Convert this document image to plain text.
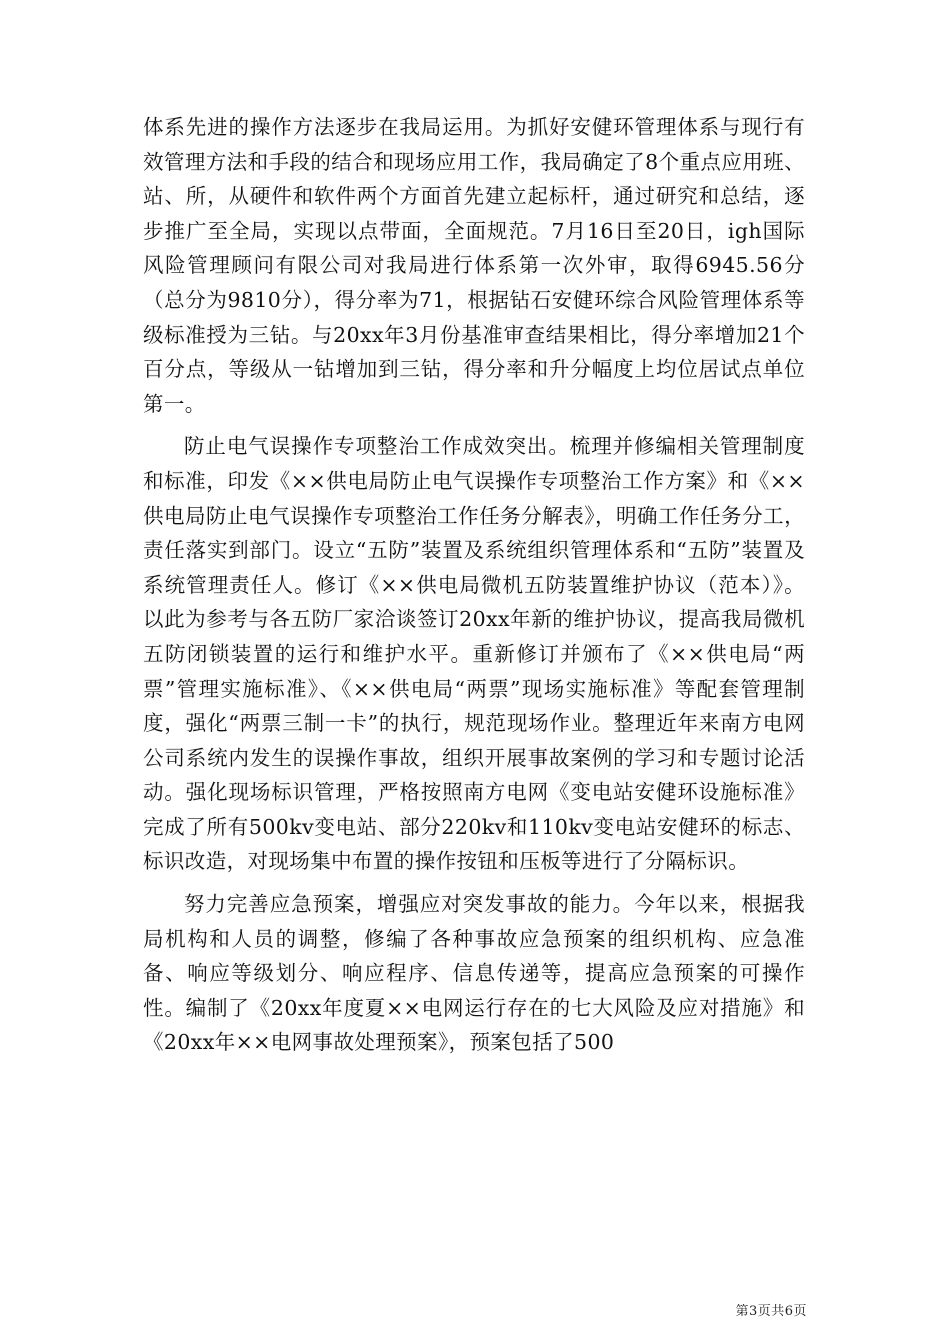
体系先进的操作方法逐步在我局运用。为抓好安健环管理体系与现行有效管理方法和手段的结合和现场应用工作，我局确定了8个重点应用班、站、所，从硬件和软件两个方面首先建立起标杆，通过研究和总结，逐步推广至全局，实现以点带面，全面规范。7月16日至20日，igh国际风险管理顾问有限公司对我局进行体系第一次外审，取得6945.56分（总分为9810分），得分率为71，根据钻石安健环综合风险管理体系等级标准授为三钻。与20xx年3月份基准审查结果相比，得分率增加21个百分点，等级从一钻增加到三钻，得分率和升分幅度上均位居试点单位第一。

防止电气误操作专项整治工作成效突出。梳理并修编相关管理制度和标准，印发《××供电局防止电气误操作专项整治工作方案》和《××供电局防止电气误操作专项整治工作任务分解表》，明确工作任务分工，责任落实到部门。设立“五防”装置及系统组织管理体系和“五防”装置及系统管理责任人。修订《××供电局微机五防装置维护协议（范本）》。以此为参考与各五防厂家洽谈签订20xx年新的维护协议，提高我局微机五防闭锁装置的运行和维护水平。重新修订并颁布了《××供电局“两票”管理实施标准》、《××供电局“两票”现场实施标准》等配套管理制度，强化“两票三制一卡”的执行，规范现场作业。整理近年来南方电网公司系统内发生的误操作事故，组织开展事故案例的学习和专题讨论活动。强化现场标识管理，严格按照南方电网《变电站安健环设施标准》完成了所有500kv变电站、部分220kv和110kv变电站安健环的标志、标识改造，对现场集中布置的操作按钮和压板等进行了分隔标识。

努力完善应急预案，增强应对突发事故的能力。今年以来，根据我局机构和人员的调整，修编了各种事故应急预案的组织机构、应急准备、响应等级划分、响应程序、信息传递等，提高应急预案的可操作性。编制了《20xx年度夏××电网运行存在的七大风险及应对措施》和《20xx年××电网事故处理预案》，预案包括了500

第3页共6页
